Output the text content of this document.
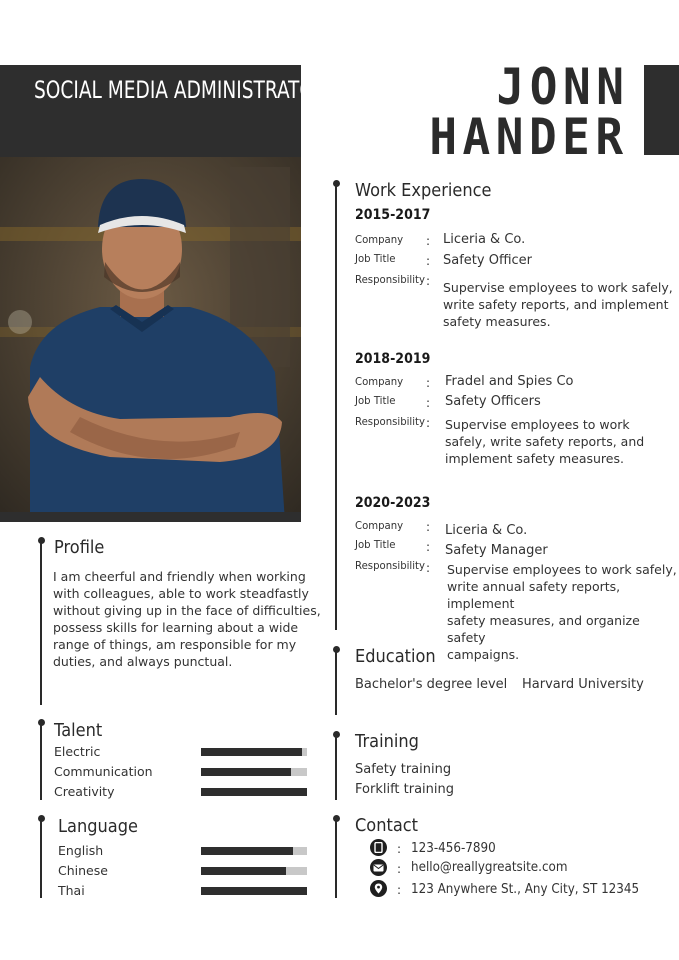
SOCIAL MEDIA ADMINISTRATOR	JONN
HANDER
Profile
I am cheerful and friendly when working
with colleagues, able to work steadfastly
without giving up in the face of difficulties,
possess skills for learning about a wide
range of things, am responsible for my
duties, and always punctual.
Talent
Electric
Communication
Creativity
Language
English
Chinese
Thai
Work Experience
2015-2017
Company : Liceria & Co.
Job Title	: Safety Officer
Responsibility : Supervise employees to work safely,
write safety reports, and implement
safety measures.
2018-2019
Company : Fradel and Spies Co
Job Title	: Safety Officers
Responsibility : Supervise employees to work
safely, write safety reports, and
implement safety measures.
2020-2023
Company : Liceria & Co.
Job Title	: Safety Manager
Responsibility : Supervise employees to work safely,
write annual safety reports, implement
safety measures, and organize safety
campaigns.
Education
Bachelor's degree level Harvard University
Training
Safety training
Forklift training
Contact
: 123-456-7890
: hello@reallygreatsite.com
: 123 Anywhere St., Any City, ST 12345
